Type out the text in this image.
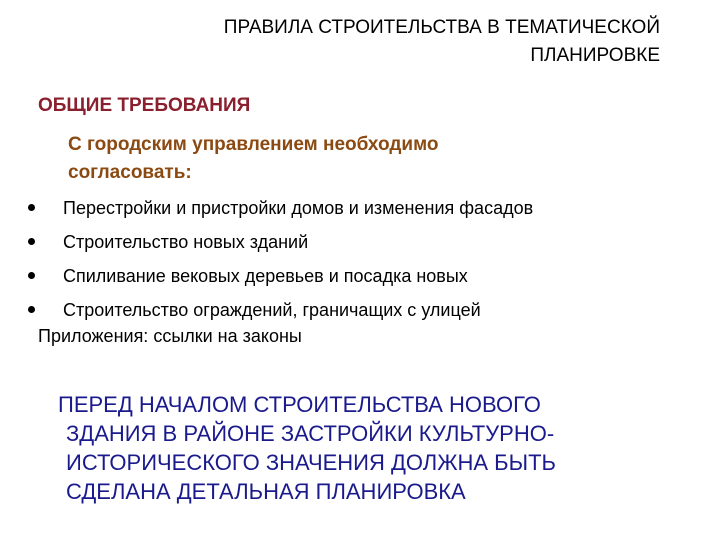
ПРАВИЛА СТРОИТЕЛЬСТВА В ТЕМАТИЧЕСКОЙ
ПЛАНИРОВКЕ
ОБЩИЕ ТРЕБОВАНИЯ
С городским управлением необходимо
согласовать:
Перестройки и пристройки домов и изменения фасадов
Строительство новых зданий
Спиливание вековых деревьев и посадка новых
Строительство ограждений, граничащих с улицей
Приложения: ссылки на законы
ПЕРЕД НАЧАЛОМ СТРОИТЕЛЬСТВА НОВОГО
ЗДАНИЯ В РАЙОНЕ ЗАСТРОЙКИ КУЛЬТУРНО-
ИСТОРИЧЕСКОГО ЗНАЧЕНИЯ ДОЛЖНА БЫТЬ
СДЕЛАНА ДЕТАЛЬНАЯ ПЛАНИРОВКА
